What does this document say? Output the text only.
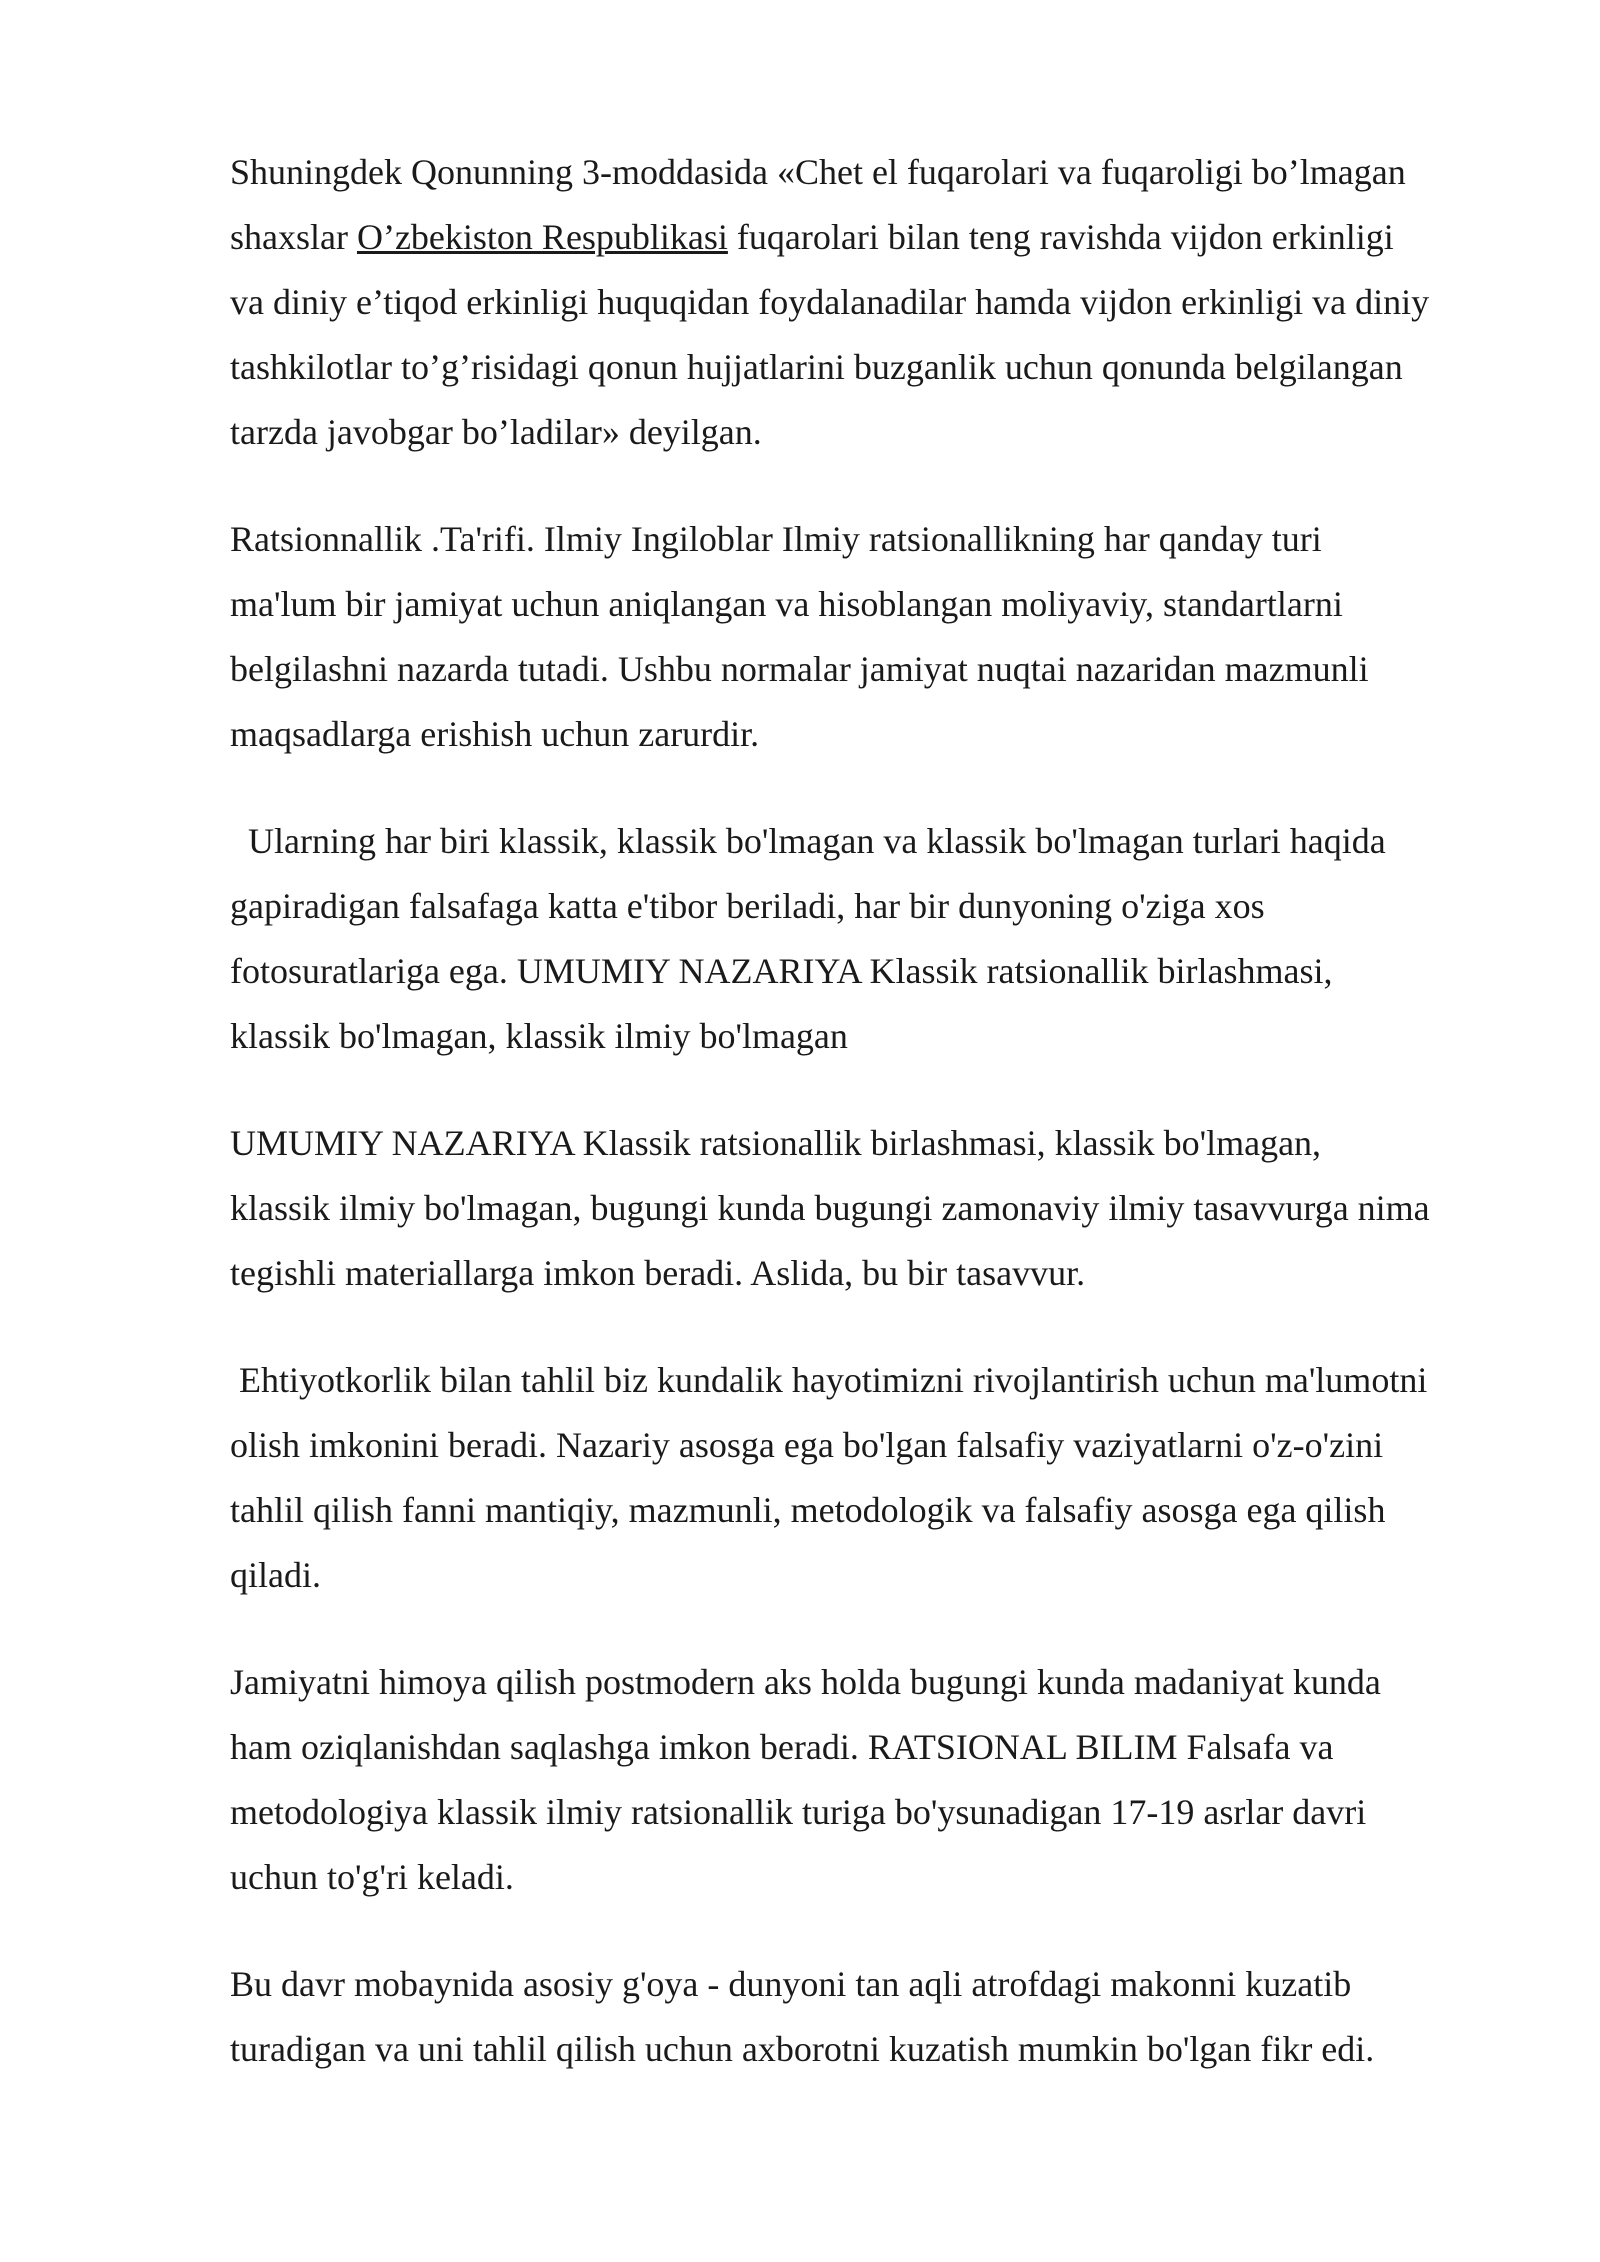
Shuningdek Qonunning 3-moddasida «Chet el fuqarolari va fuqaroligi bo’lmagan
shaxslar O’zbekiston Respublikasi fuqarolari bilan teng ravishda vijdon erkinligi
va diniy e’tiqod erkinligi huquqidan foydalanadilar hamda vijdon erkinligi va diniy
tashkilotlar to’g’risidagi qonun hujjatlarini buzganlik uchun qonunda belgilangan
tarzda javobgar bo’ladilar» deyilgan.

Ratsionnallik .Ta'rifi. Ilmiy Ingiloblar Ilmiy ratsionallikning har qanday turi
ma'lum bir jamiyat uchun aniqlangan va hisoblangan moliyaviy, standartlarni
belgilashni nazarda tutadi. Ushbu normalar jamiyat nuqtai nazaridan mazmunli
maqsadlarga erishish uchun zarurdir.

Ularning har biri klassik, klassik bo'lmagan va klassik bo'lmagan turlari haqida
gapiradigan falsafaga katta e'tibor beriladi, har bir dunyoning o'ziga xos
fotosuratlariga ega. UMUMIY NAZARIYA Klassik ratsionallik birlashmasi,
klassik bo'lmagan, klassik ilmiy bo'lmagan

UMUMIY NAZARIYA Klassik ratsionallik birlashmasi, klassik bo'lmagan,
klassik ilmiy bo'lmagan, bugungi kunda bugungi zamonaviy ilmiy tasavvurga nima
tegishli materiallarga imkon beradi. Aslida, bu bir tasavvur.

Ehtiyotkorlik bilan tahlil biz kundalik hayotimizni rivojlantirish uchun ma'lumotni
olish imkonini beradi. Nazariy asosga ega bo'lgan falsafiy vaziyatlarni o'z-o'zini
tahlil qilish fanni mantiqiy, mazmunli, metodologik va falsafiy asosga ega qilish
qiladi.

Jamiyatni himoya qilish postmodern aks holda bugungi kunda madaniyat kunda
ham oziqlanishdan saqlashga imkon beradi. RATSIONAL BILIM Falsafa va
metodologiya klassik ilmiy ratsionallik turiga bo'ysunadigan 17-19 asrlar davri
uchun to'g'ri keladi.

Bu davr mobaynida asosiy g'oya - dunyoni tan aqli atrofdagi makonni kuzatib
turadigan va uni tahlil qilish uchun axborotni kuzatish mumkin bo'lgan fikr edi.
